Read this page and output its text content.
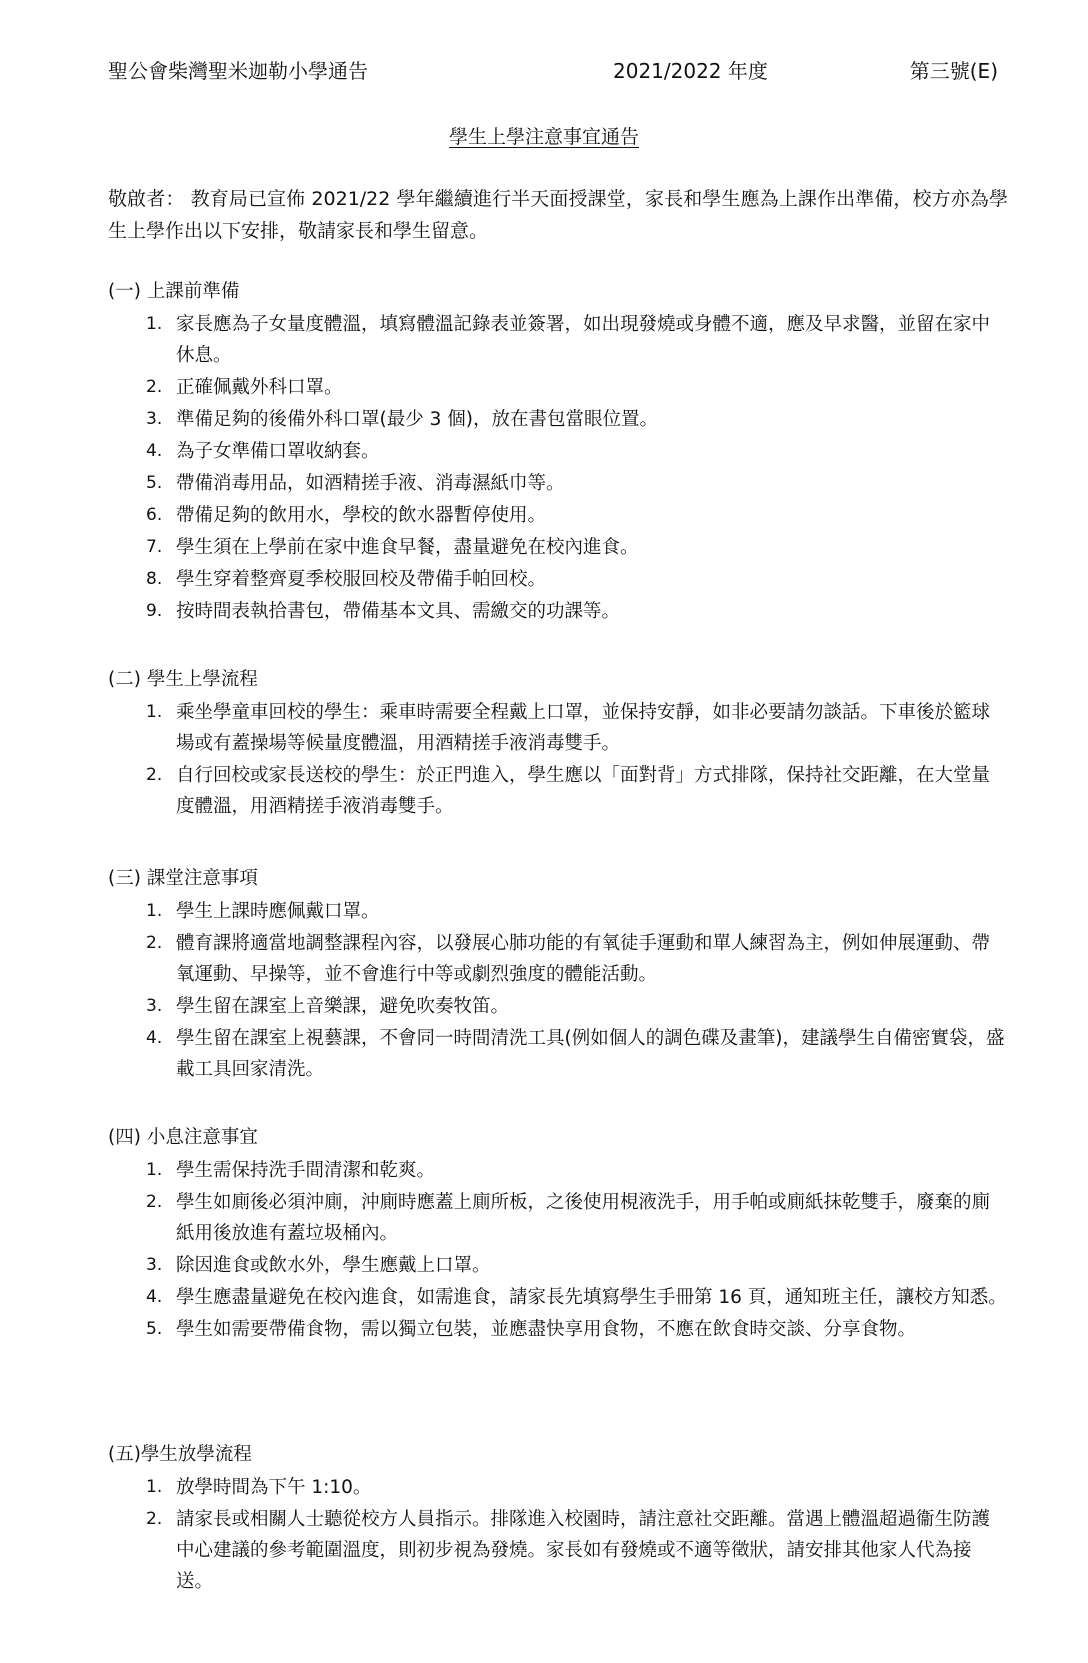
聖公會柴灣聖米迦勒小學通告	2021/2022 年度	第三號(E)
學生上學注意事宜通告
敬啟者： 教育局已宣佈 2021/22 學年繼續進行半天面授課堂，家長和學生應為上課作出準備，校方亦為學生上學作出以下安排，敬請家長和學生留意。
(一) 上課前準備
1. 家長應為子女量度體溫，填寫體溫記錄表並簽署，如出現發燒或身體不適，應及早求醫，並留在家中休息。
2. 正確佩戴外科口罩。
3. 準備足夠的後備外科口罩(最少 3 個)，放在書包當眼位置。
4. 為子女準備口罩收納套。
5. 帶備消毒用品，如酒精搓手液、消毒濕紙巾等。
6. 帶備足夠的飲用水，學校的飲水器暫停使用。
7. 學生須在上學前在家中進食早餐，盡量避免在校內進食。
8. 學生穿着整齊夏季校服回校及帶備手帕回校。
9. 按時間表執拾書包，帶備基本文具、需繳交的功課等。
(二) 學生上學流程
1. 乘坐學童車回校的學生：乘車時需要全程戴上口罩，並保持安靜，如非必要請勿談話。下車後於籃球場或有蓋操場等候量度體溫，用酒精搓手液消毒雙手。
2. 自行回校或家長送校的學生：於正門進入，學生應以「面對背」方式排隊，保持社交距離，在大堂量度體溫，用酒精搓手液消毒雙手。
(三) 課堂注意事項
1. 學生上課時應佩戴口罩。
2. 體育課將適當地調整課程內容，以發展心肺功能的有氧徒手運動和單人練習為主，例如伸展運動、帶氧運動、早操等，並不會進行中等或劇烈強度的體能活動。
3. 學生留在課室上音樂課，避免吹奏牧笛。
4. 學生留在課室上視藝課，不會同一時間清洗工具(例如個人的調色碟及畫筆)，建議學生自備密實袋，盛載工具回家清洗。
(四) 小息注意事宜
1. 學生需保持洗手間清潔和乾爽。
2. 學生如廁後必須沖廁，沖廁時應蓋上廁所板，之後使用梘液洗手，用手帕或廁紙抹乾雙手，廢棄的廁紙用後放進有蓋垃圾桶內。
3. 除因進食或飲水外，學生應戴上口罩。
4. 學生應盡量避免在校內進食，如需進食，請家長先填寫學生手冊第 16 頁，通知班主任，讓校方知悉。
5. 學生如需要帶備食物，需以獨立包裝，並應盡快享用食物，不應在飲食時交談、分享食物。
(五)學生放學流程
1. 放學時間為下午 1:10。
2. 請家長或相關人士聽從校方人員指示。排隊進入校園時，請注意社交距離。當遇上體溫超過衞生防護中心建議的參考範圍溫度，則初步視為發燒。家長如有發燒或不適等徵狀，請安排其他家人代為接送。
